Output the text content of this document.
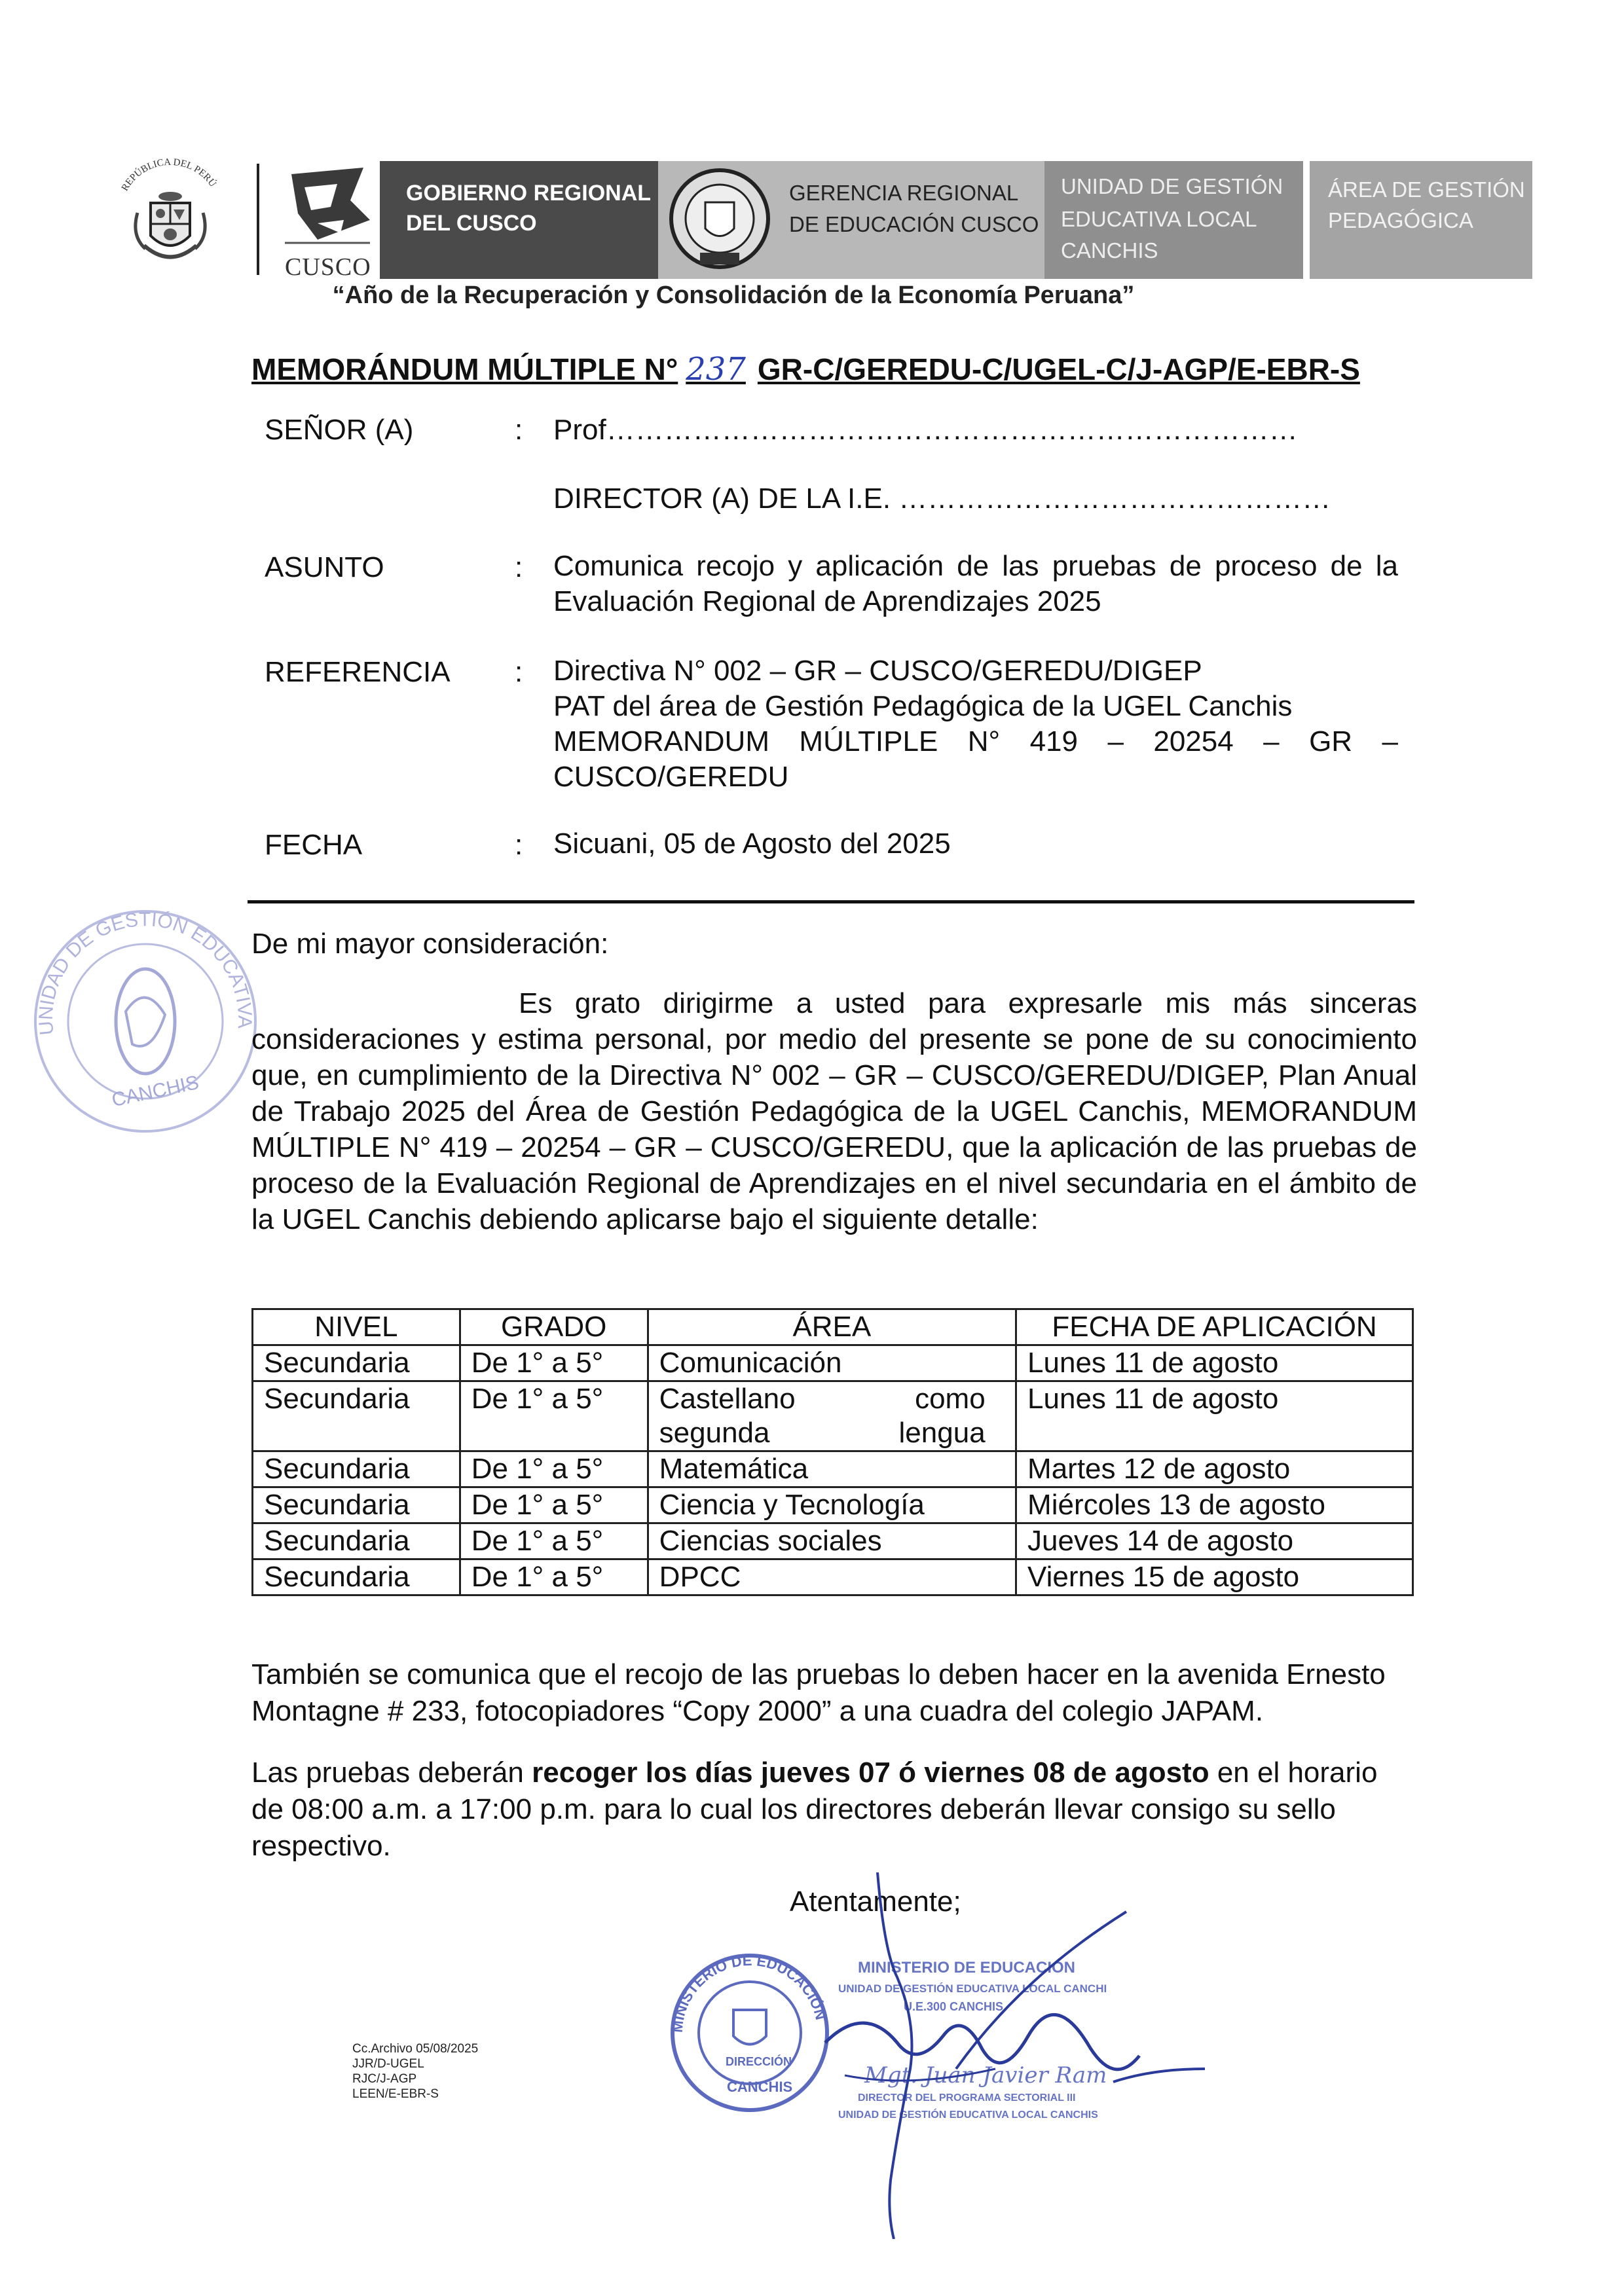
REPÚBLICA DEL PERÚ
CUSCO
GOBIERNO REGIONAL
DEL CUSCO
GERENCIA REGIONAL
DE EDUCACIÓN CUSCO
UNIDAD DE GESTIÓN
EDUCATIVA LOCAL
CANCHIS
ÁREA DE GESTIÓN
PEDAGÓGICA
“Año de la Recuperación y Consolidación de la Economía Peruana”
MEMORÁNDUM MÚLTIPLE N° 237 GR-C/GEREDU-C/UGEL-C/J-AGP/E-EBR-S
SEÑOR (A)	: Prof………………………………………………………………
DIRECTOR (A) DE LA I.E. ………………………………………
ASUNTO	: Comunica recojo y aplicación de las pruebas de proceso de la
Evaluación Regional de Aprendizajes 2025
REFERENCIA : Directiva N° 002 – GR – CUSCO/GEREDU/DIGEP
PAT del área de Gestión Pedagógica de la UGEL Canchis
MEMORANDUM MÚLTIPLE N° 419 – 20254 – GR –
CUSCO/GEREDU
FECHA	: Sicuani, 05 de Agosto del 2025
UNIDAD DE GESTIÓN EDUCATIVA
CANCHIS
De mi mayor consideración:
Es grato dirigirme a usted para expresarle mis más sinceras consideraciones y estima personal, por medio del presente se pone de su conocimiento que, en cumplimiento de la Directiva N° 002 – GR – CUSCO/GEREDU/DIGEP, Plan Anual de Trabajo 2025 del Área de Gestión Pedagógica de la UGEL Canchis, MEMORANDUM MÚLTIPLE N° 419 – 20254 – GR – CUSCO/GEREDU, que la aplicación de las pruebas de proceso de la Evaluación Regional de Aprendizajes en el nivel secundaria en el ámbito de la UGEL Canchis debiendo aplicarse bajo el siguiente detalle:
NIVEL	GRADO	ÁREA	FECHA DE APLICACIÓN
Secundaria	De 1° a 5°	Comunicación	Lunes 11 de agosto
Secundaria	De 1° a 5°	Castellano como segunda lengua	Lunes 11 de agosto
Secundaria	De 1° a 5°	Matemática	Martes 12 de agosto
Secundaria	De 1° a 5°	Ciencia y Tecnología	Miércoles 13 de agosto
Secundaria	De 1° a 5°	Ciencias sociales	Jueves 14 de agosto
Secundaria	De 1° a 5°	DPCC	Viernes 15 de agosto
También se comunica que el recojo de las pruebas lo deben hacer en la avenida Ernesto Montagne # 233, fotocopiadores “Copy 2000” a una cuadra del colegio JAPAM.
Las pruebas deberán recoger los días jueves 07 ó viernes 08 de agosto en el horario de 08:00 a.m. a 17:00 p.m. para lo cual los directores deberán llevar consigo su sello respectivo.
Atentamente;
MINISTERIO DE EDUCACIÓN
DIRECCIÓN
CANCHIS
MINISTERIO DE EDUCACIÓN
UNIDAD DE GESTIÓN EDUCATIVA LOCAL CANCHIS
U.E.300 CANCHIS
Mgt. Juan Javier Ramos
DIRECTOR DEL PROGRAMA SECTORIAL III
UNIDAD DE GESTIÓN EDUCATIVA LOCAL CANCHIS
Cc.Archivo 05/08/2025
JJR/D-UGEL
RJC/J-AGP
LEEN/E-EBR-S
